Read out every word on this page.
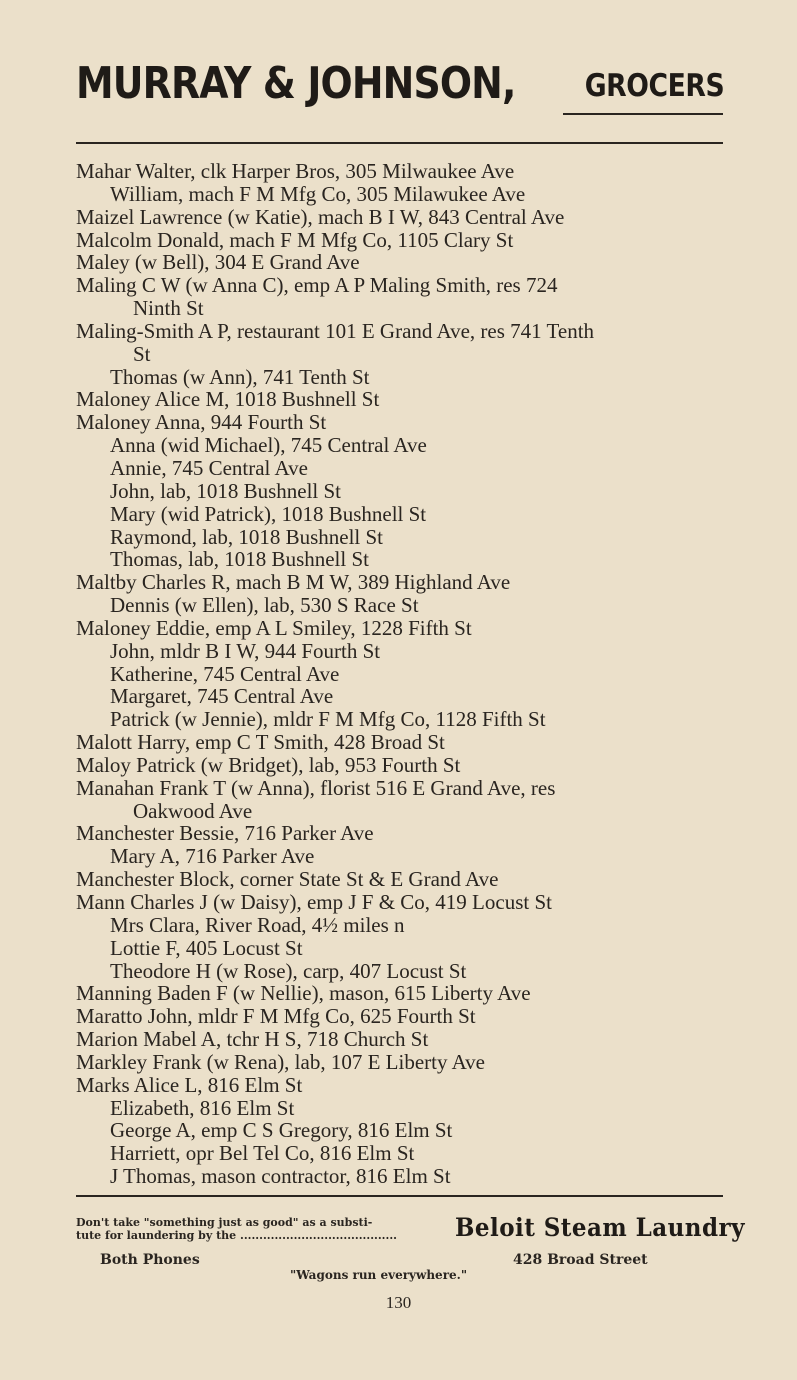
MURRAY & JOHNSON, GROCERS
Mahar Walter, clk Harper Bros, 305 Milwaukee Ave
William, mach F M Mfg Co, 305 Milawukee Ave
Maizel Lawrence (w Katie), mach B I W, 843 Central Ave
Malcolm Donald, mach F M Mfg Co, 1105 Clary St
Maley (w Bell), 304 E Grand Ave
Maling C W (w Anna C), emp A P Maling Smith, res 724
Ninth St
Maling-Smith A P, restaurant 101 E Grand Ave, res 741 Tenth
St
Thomas (w Ann), 741 Tenth St
Maloney Alice M, 1018 Bushnell St
Maloney Anna, 944 Fourth St
Anna (wid Michael), 745 Central Ave
Annie, 745 Central Ave
John, lab, 1018 Bushnell St
Mary (wid Patrick), 1018 Bushnell St
Raymond, lab, 1018 Bushnell St
Thomas, lab, 1018 Bushnell St
Maltby Charles R, mach B M W, 389 Highland Ave
Dennis (w Ellen), lab, 530 S Race St
Maloney Eddie, emp A L Smiley, 1228 Fifth St
John, mldr B I W, 944 Fourth St
Katherine, 745 Central Ave
Margaret, 745 Central Ave
Patrick (w Jennie), mldr F M Mfg Co, 1128 Fifth St
Malott Harry, emp C T Smith, 428 Broad St
Maloy Patrick (w Bridget), lab, 953 Fourth St
Manahan Frank T (w Anna), florist 516 E Grand Ave, res
Oakwood Ave
Manchester Bessie, 716 Parker Ave
Mary A, 716 Parker Ave
Manchester Block, corner State St & E Grand Ave
Mann Charles J (w Daisy), emp J F & Co, 419 Locust St
Mrs Clara, River Road, 4½ miles n
Lottie F, 405 Locust St
Theodore H (w Rose), carp, 407 Locust St
Manning Baden F (w Nellie), mason, 615 Liberty Ave
Maratto John, mldr F M Mfg Co, 625 Fourth St
Marion Mabel A, tchr H S, 718 Church St
Markley Frank (w Rena), lab, 107 E Liberty Ave
Marks Alice L, 816 Elm St
Elizabeth, 816 Elm St
George A, emp C S Gregory, 816 Elm St
Harriett, opr Bel Tel Co, 816 Elm St
J Thomas, mason contractor, 816 Elm St
Don't take "something just as good" as a substi-
tute for laundering by the .........................................
Both Phones
Beloit Steam Laundry
428 Broad Street
"Wagons run everywhere."
130
